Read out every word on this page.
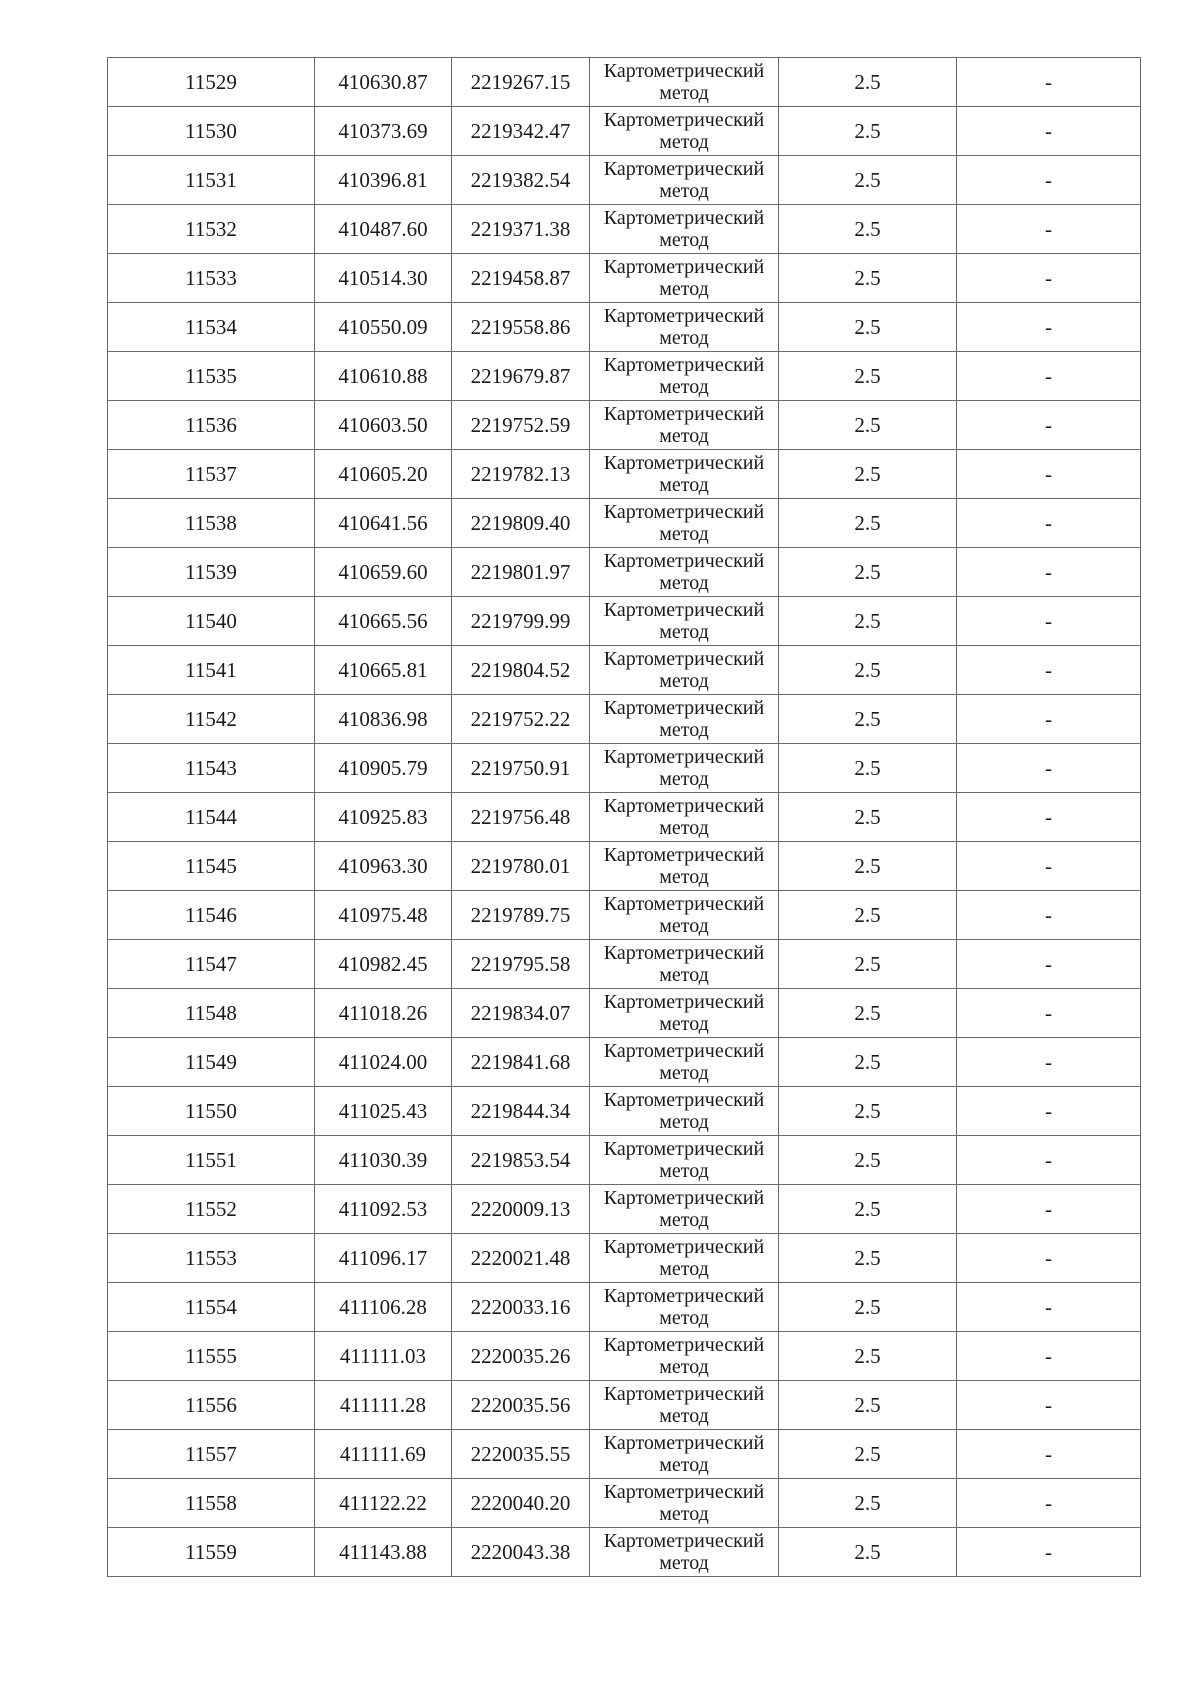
11529	410630.87	2219267.15	Картометрический
метод	2.5	-
11530	410373.69	2219342.47	Картометрический
метод	2.5	-
11531	410396.81	2219382.54	Картометрический
метод	2.5	-
11532	410487.60	2219371.38	Картометрический
метод	2.5	-
11533	410514.30	2219458.87	Картометрический
метод	2.5	-
11534	410550.09	2219558.86	Картометрический
метод	2.5	-
11535	410610.88	2219679.87	Картометрический
метод	2.5	-
11536	410603.50	2219752.59	Картометрический
метод	2.5	-
11537	410605.20	2219782.13	Картометрический
метод	2.5	-
11538	410641.56	2219809.40	Картометрический
метод	2.5	-
11539	410659.60	2219801.97	Картометрический
метод	2.5	-
11540	410665.56	2219799.99	Картометрический
метод	2.5	-
11541	410665.81	2219804.52	Картометрический
метод	2.5	-
11542	410836.98	2219752.22	Картометрический
метод	2.5	-
11543	410905.79	2219750.91	Картометрический
метод	2.5	-
11544	410925.83	2219756.48	Картометрический
метод	2.5	-
11545	410963.30	2219780.01	Картометрический
метод	2.5	-
11546	410975.48	2219789.75	Картометрический
метод	2.5	-
11547	410982.45	2219795.58	Картометрический
метод	2.5	-
11548	411018.26	2219834.07	Картометрический
метод	2.5	-
11549	411024.00	2219841.68	Картометрический
метод	2.5	-
11550	411025.43	2219844.34	Картометрический
метод	2.5	-
11551	411030.39	2219853.54	Картометрический
метод	2.5	-
11552	411092.53	2220009.13	Картометрический
метод	2.5	-
11553	411096.17	2220021.48	Картометрический
метод	2.5	-
11554	411106.28	2220033.16	Картометрический
метод	2.5	-
11555	411111.03	2220035.26	Картометрический
метод	2.5	-
11556	411111.28	2220035.56	Картометрический
метод	2.5	-
11557	411111.69	2220035.55	Картометрический
метод	2.5	-
11558	411122.22	2220040.20	Картометрический
метод	2.5	-
11559	411143.88	2220043.38	Картометрический
метод	2.5	-
